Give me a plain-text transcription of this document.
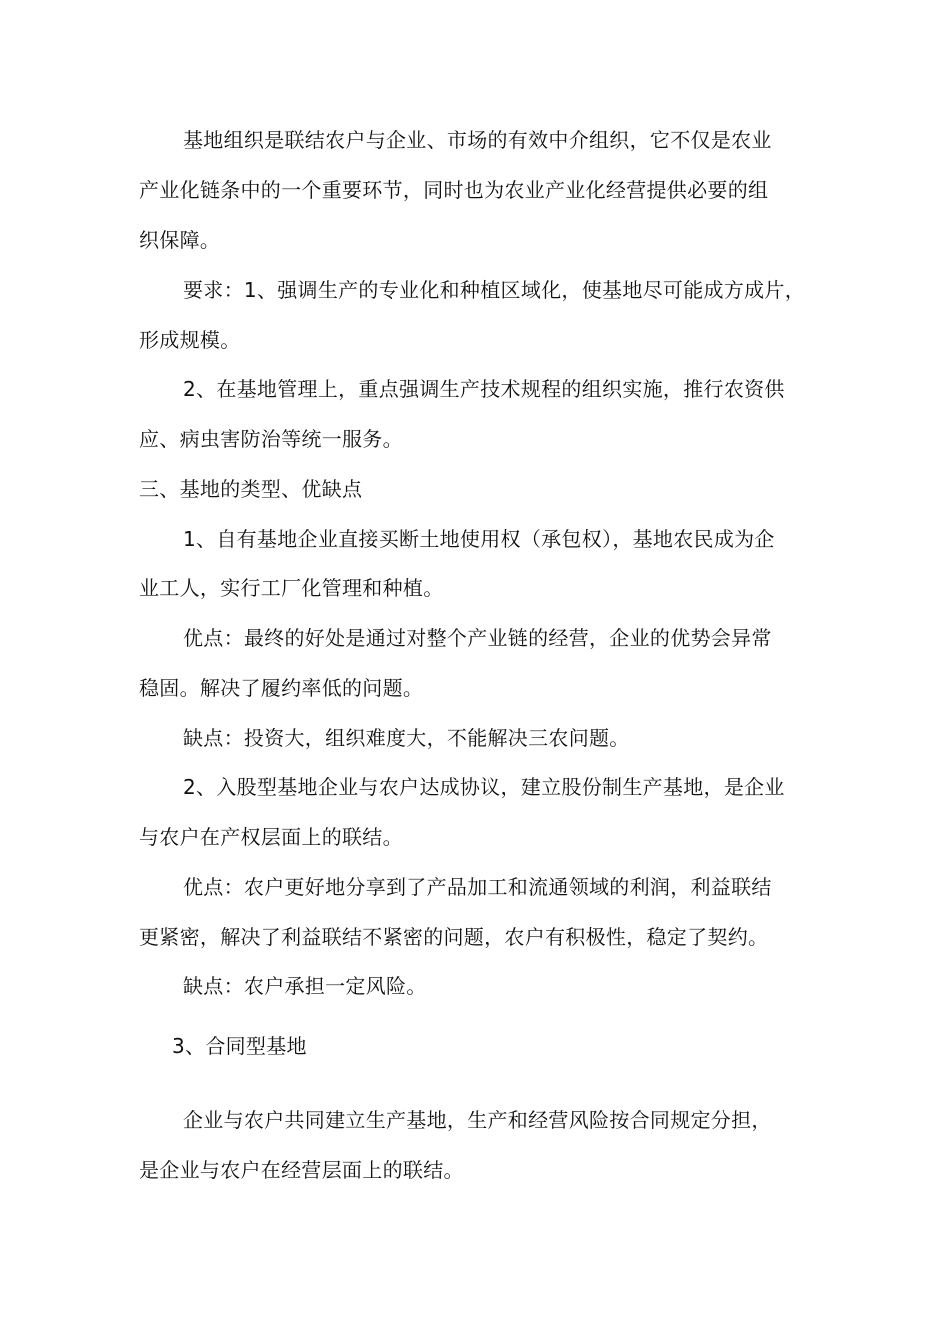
基地组织是联结农户与企业、市场的有效中介组织，它不仅是农业
产业化链条中的一个重要环节，同时也为农业产业化经营提供必要的组
织保障。
要求：1、强调生产的专业化和种植区域化，使基地尽可能成方成片，
形成规模。
2、在基地管理上，重点强调生产技术规程的组织实施，推行农资供
应、病虫害防治等统一服务。
三、基地的类型、优缺点
1、自有基地企业直接买断土地使用权（承包权），基地农民成为企
业工人，实行工厂化管理和种植。
优点：最终的好处是通过对整个产业链的经营，企业的优势会异常
稳固。解决了履约率低的问题。
缺点：投资大，组织难度大，不能解决三农问题。
2、入股型基地企业与农户达成协议，建立股份制生产基地，是企业
与农户在产权层面上的联结。
优点：农户更好地分享到了产品加工和流通领域的利润，利益联结
更紧密，解决了利益联结不紧密的问题，农户有积极性，稳定了契约。
缺点：农户承担一定风险。
3、合同型基地
企业与农户共同建立生产基地，生产和经营风险按合同规定分担，
是企业与农户在经营层面上的联结。
